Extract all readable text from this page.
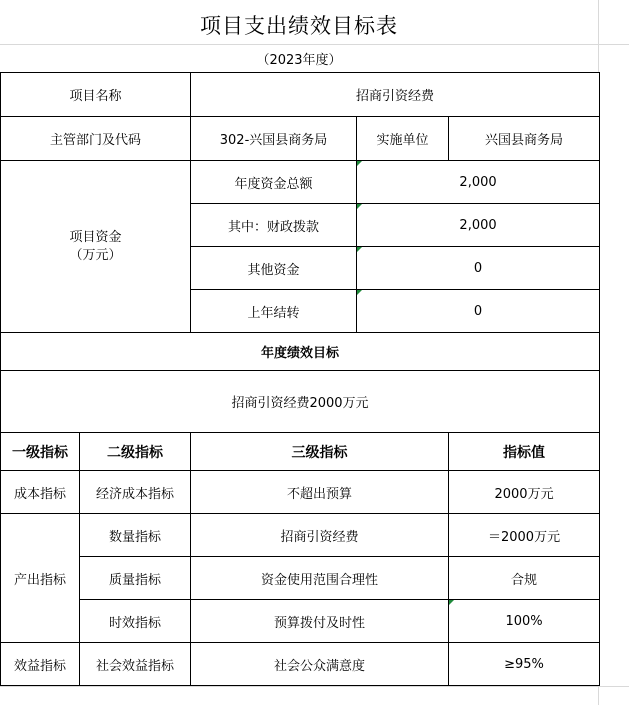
项目支出绩效目标表
（2023年度）
项目名称		招商引资经费		
主管部门及代码		302-兴国县商务局	实施单位	兴国县商务局
项目资金
（万元）		年度资金总额	2,000	
		其中：财政拨款	2,000	
		其他资金	0	
		上年结转	0	
年度绩效目标				
招商引资经费2000万元				
一级指标	二级指标	三级指标		指标值
成本指标	经济成本指标	不超出预算		2000万元
产出指标	数量指标	招商引资经费		＝2000万元
	质量指标	资金使用范围合理性		合规
	时效指标	预算拨付及时性		100%
效益指标	社会效益指标	社会公众满意度		≥95%
